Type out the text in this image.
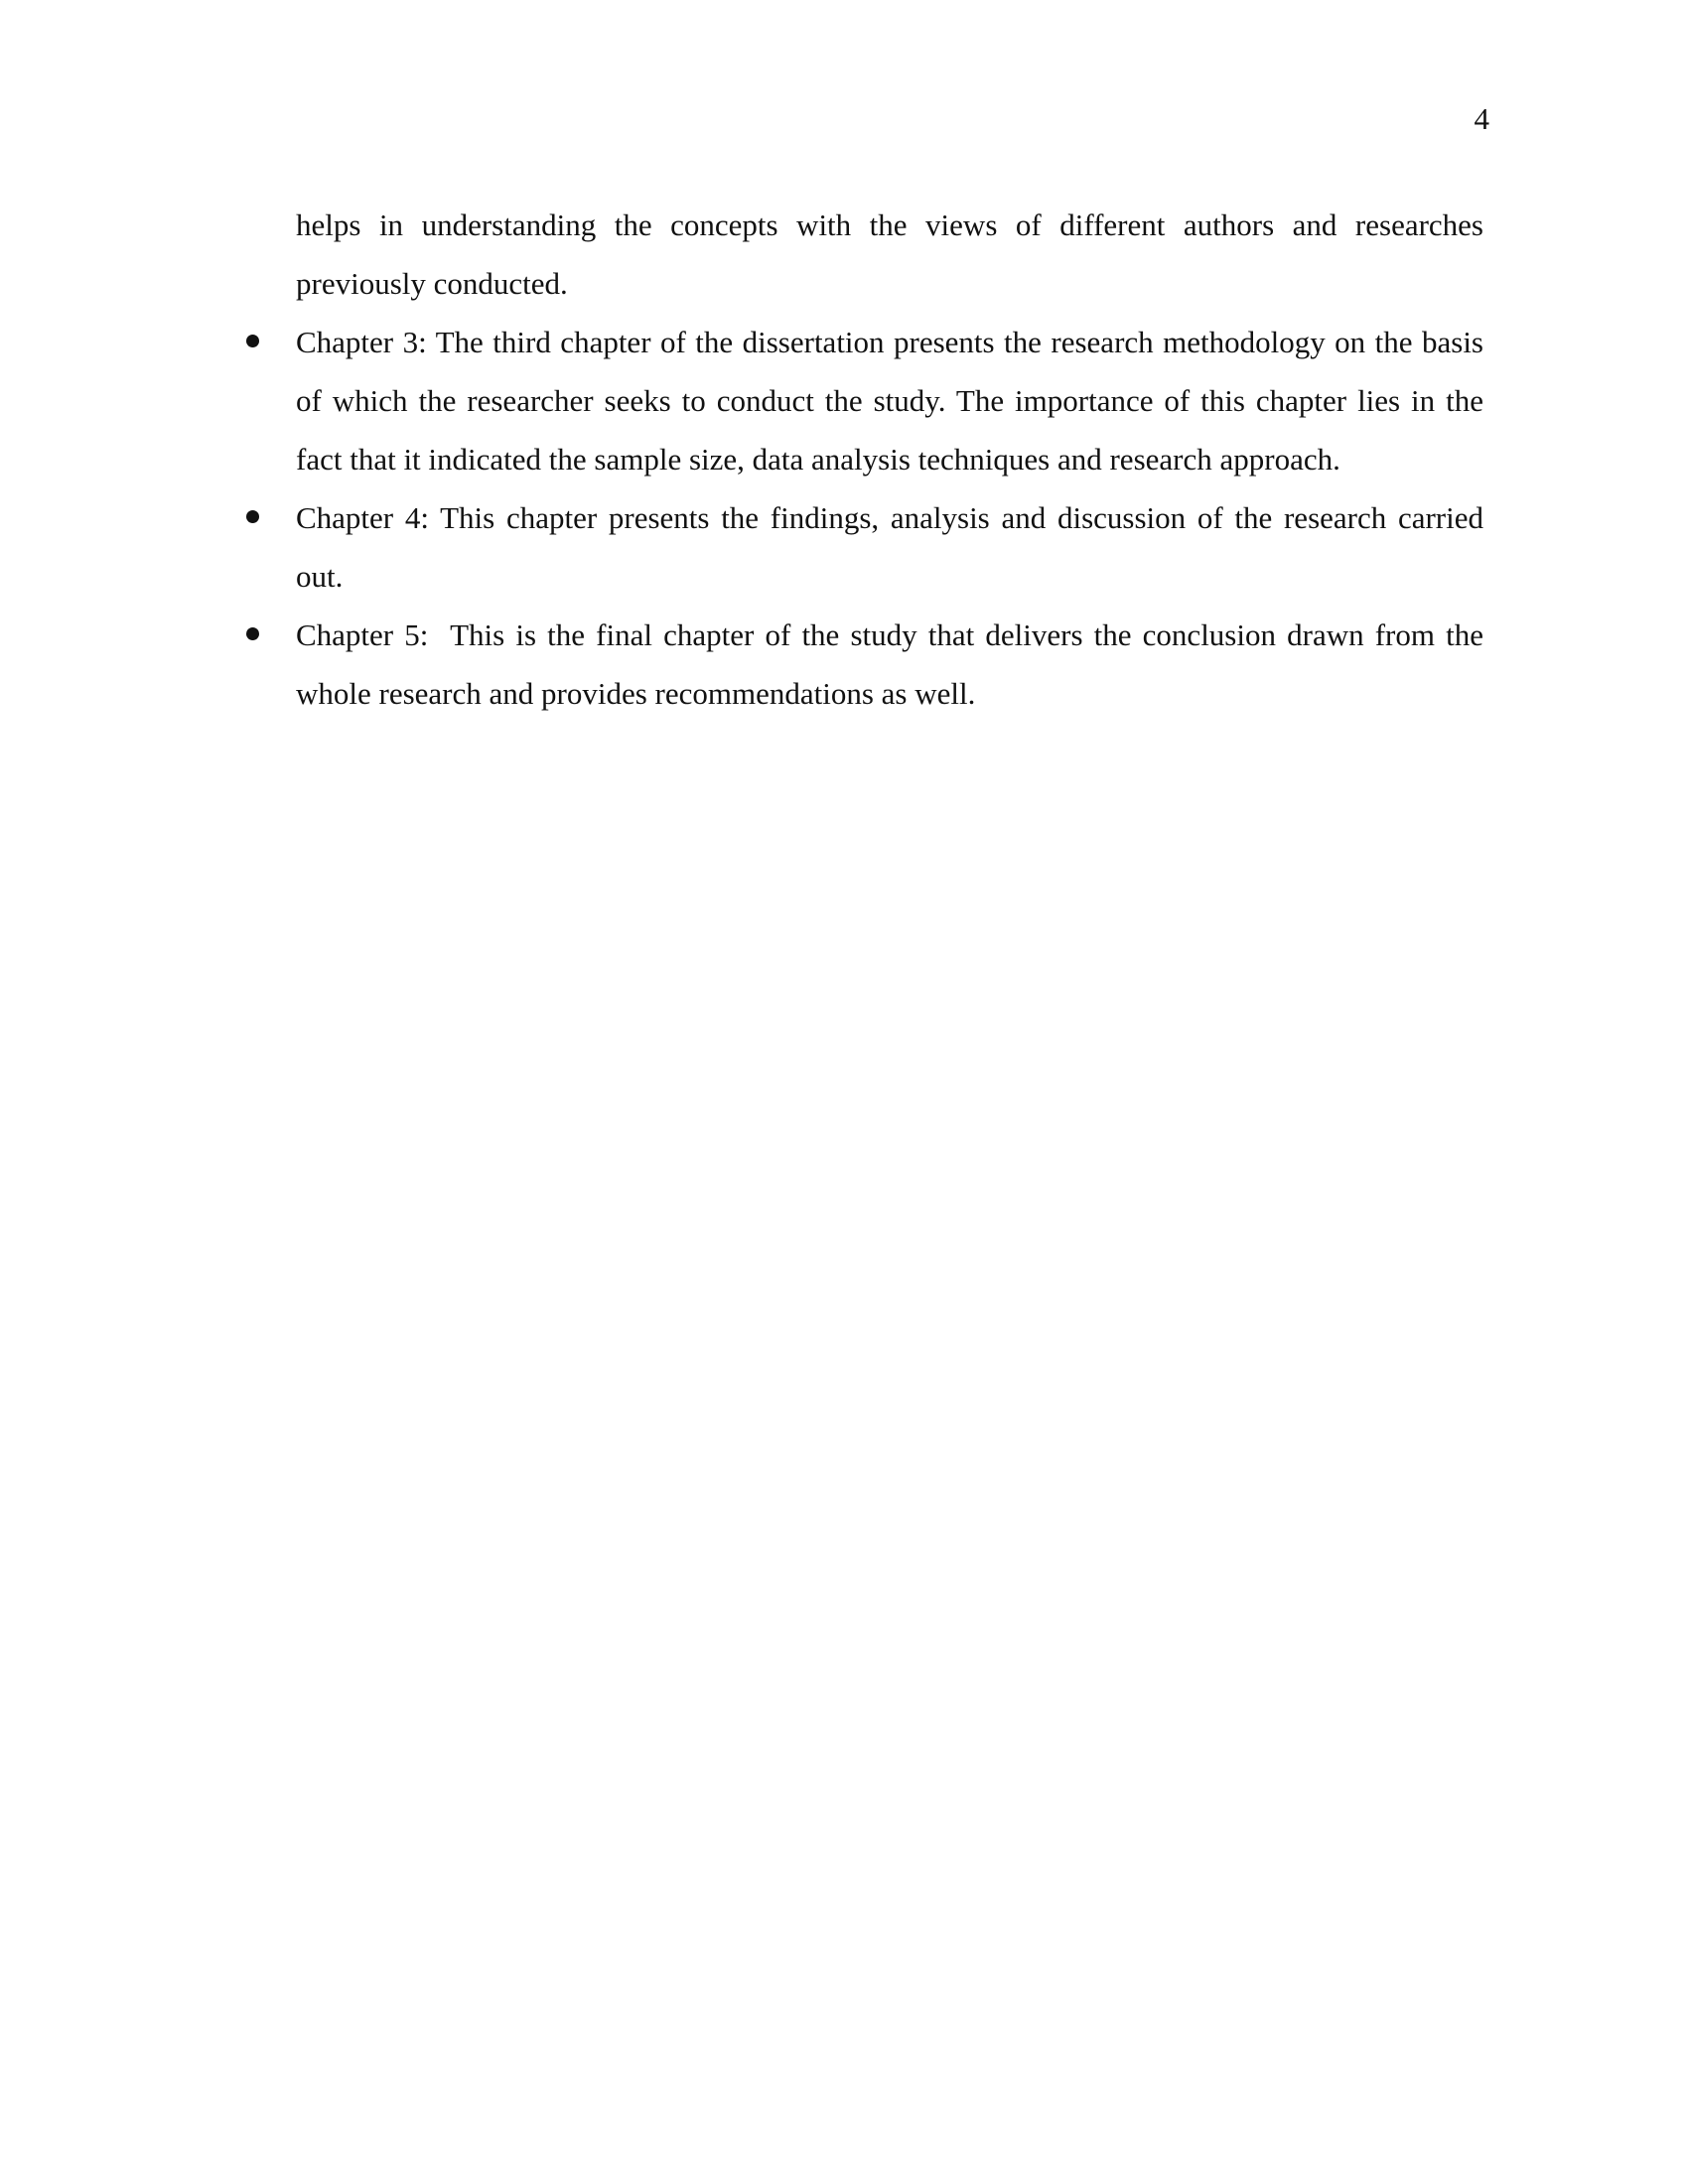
4

helps in understanding the concepts with the views of different authors and researches previously conducted.

Chapter 3: The third chapter of the dissertation presents the research methodology on the basis of which the researcher seeks to conduct the study. The importance of this chapter lies in the fact that it indicated the sample size, data analysis techniques and research approach.
Chapter 4: This chapter presents the findings, analysis and discussion of the research carried out.
Chapter 5:  This is the final chapter of the study that delivers the conclusion drawn from the whole research and provides recommendations as well.
